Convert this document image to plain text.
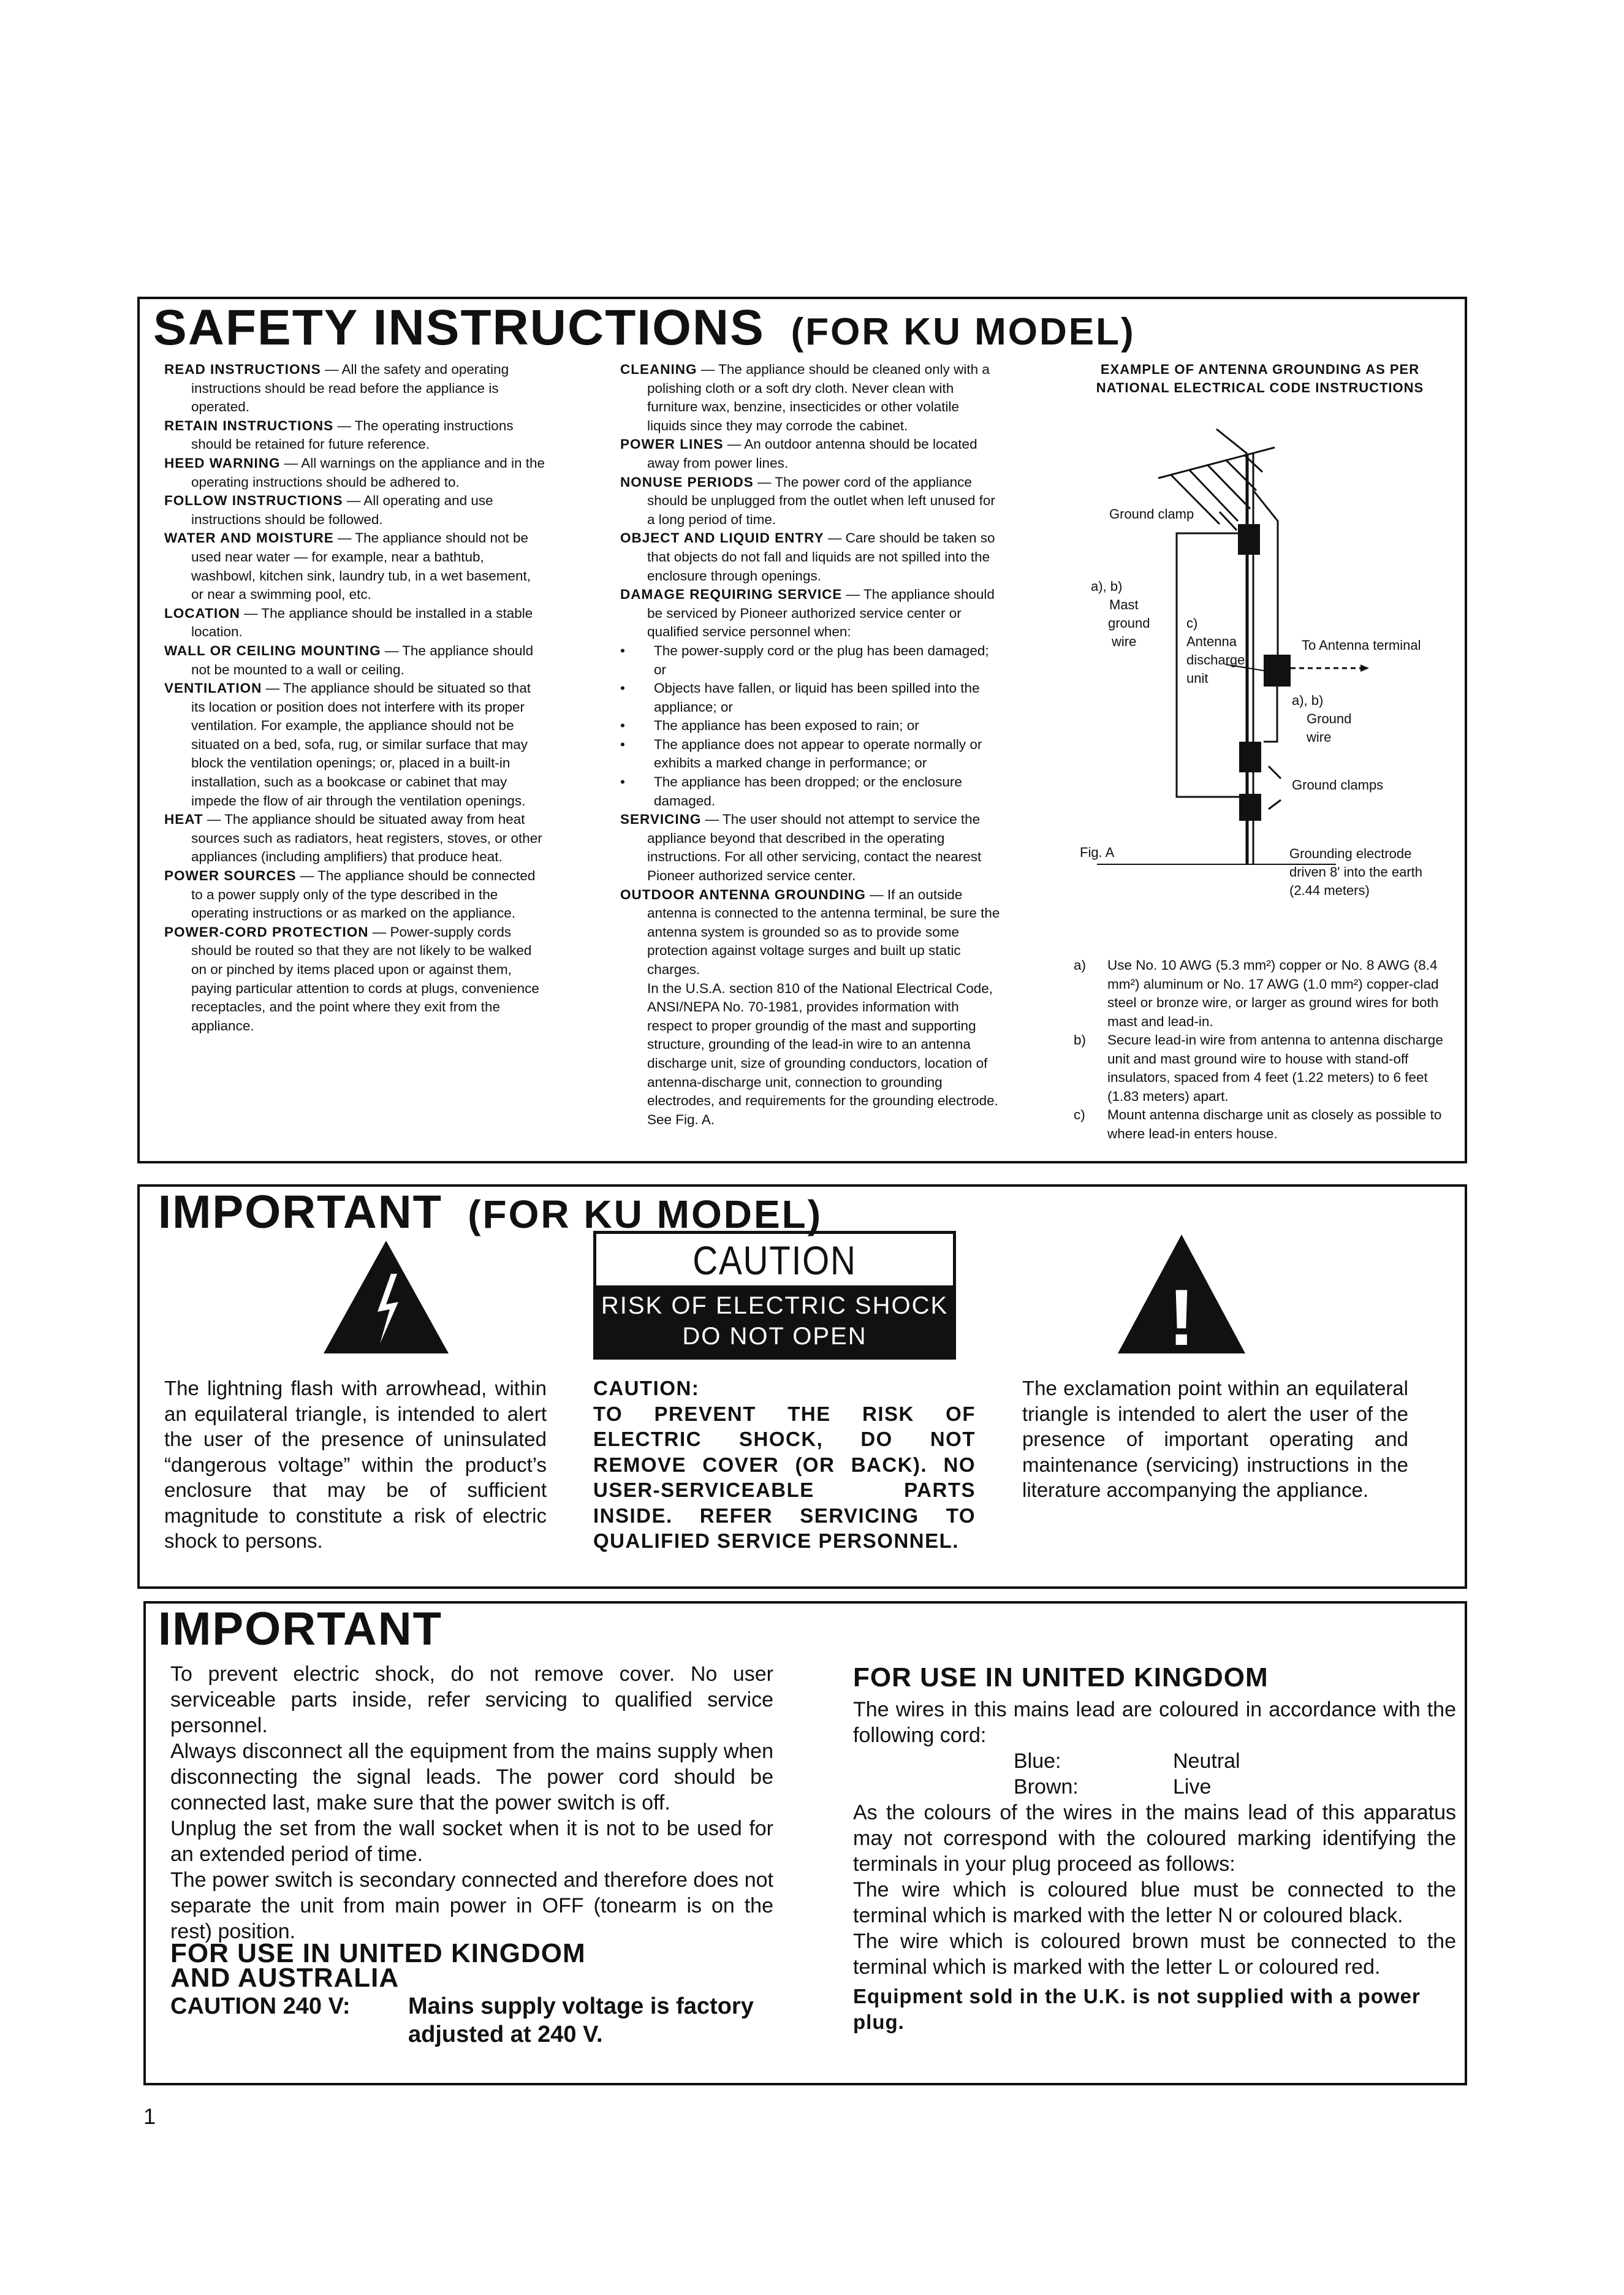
SAFETY INSTRUCTIONS (FOR KU MODEL)

READ INSTRUCTIONS — All the safety and operating instructions should be read before the appliance is operated.

RETAIN INSTRUCTIONS — The operating instructions should be retained for future reference.

HEED WARNING — All warnings on the appliance and in the operating instructions should be adhered to.

FOLLOW INSTRUCTIONS — All operating and use instructions should be followed.

WATER AND MOISTURE — The appliance should not be used near water — for example, near a bathtub, washbowl, kitchen sink, laundry tub, in a wet basement, or near a swimming pool, etc.

LOCATION — The appliance should be installed in a stable location.

WALL OR CEILING MOUNTING — The appliance should not be mounted to a wall or ceiling.

VENTILATION — The appliance should be situated so that its location or position does not interfere with its proper ventilation. For example, the appliance should not be situated on a bed, sofa, rug, or similar surface that may block the ventilation openings; or, placed in a built-in installation, such as a bookcase or cabinet that may impede the flow of air through the ventilation openings.

HEAT — The appliance should be situated away from heat sources such as radiators, heat registers, stoves, or other appliances (including amplifiers) that produce heat.

POWER SOURCES — The appliance should be connected to a power supply only of the type described in the operating instructions or as marked on the appliance.

POWER-CORD PROTECTION — Power-supply cords should be routed so that they are not likely to be walked on or pinched by items placed upon or against them, paying particular attention to cords at plugs, convenience receptacles, and the point where they exit from the appliance.

CLEANING — The appliance should be cleaned only with a polishing cloth or a soft dry cloth. Never clean with furniture wax, benzine, insecticides or other volatile liquids since they may corrode the cabinet.

POWER LINES — An outdoor antenna should be located away from power lines.

NONUSE PERIODS — The power cord of the appliance should be unplugged from the outlet when left unused for a long period of time.

OBJECT AND LIQUID ENTRY — Care should be taken so that objects do not fall and liquids are not spilled into the enclosure through openings.

DAMAGE REQUIRING SERVICE — The appliance should be serviced by Pioneer authorized service center or qualified service personnel when:

• The power-supply cord or the plug has been damaged; or
• Objects have fallen, or liquid has been spilled into the appliance; or
• The appliance has been exposed to rain; or
• The appliance does not appear to operate normally or exhibits a marked change in performance; or
• The appliance has been dropped; or the enclosure damaged.

SERVICING — The user should not attempt to service the appliance beyond that described in the operating instructions. For all other servicing, contact the nearest Pioneer authorized service center.

OUTDOOR ANTENNA GROUNDING — If an outside antenna is connected to the antenna terminal, be sure the antenna system is grounded so as to provide some protection against voltage surges and built up static charges.

In the U.S.A. section 810 of the National Electrical Code, ANSI/NEPA No. 70-1981, provides information with respect to proper groundig of the mast and supporting structure, grounding of the lead-in wire to an antenna discharge unit, size of grounding conductors, location of antenna-discharge unit, connection to grounding electrodes, and requirements for the grounding electrode. See Fig. A.

EXAMPLE OF ANTENNA GROUNDING AS PER NATIONAL ELECTRICAL CODE INSTRUCTIONS
Ground clamp
a), b)
Mast
ground
wire
c)
Antenna
discharge
unit
To Antenna terminal
a), b)
Ground
wire
Ground clamps
Fig. A	Grounding electrode
driven 8' into the earth
(2.44 meters)
a) Use No. 10 AWG (5.3 mm²) copper or No. 8 AWG (8.4 mm²) aluminum or No. 17 AWG (1.0 mm²) copper-clad steel or bronze wire, or larger as ground wires for both mast and lead-in.
b) Secure lead-in wire from antenna to antenna discharge unit and mast ground wire to house with stand-off insulators, spaced from 4 feet (1.22 meters) to 6 feet (1.83 meters) apart.
c) Mount antenna discharge unit as closely as possible to where lead-in enters house.
IMPORTANT (FOR KU MODEL)
CAUTION
RISK OF ELECTRIC SHOCK
DO NOT OPEN	!

The lightning flash with arrowhead, within an equilateral triangle, is intended to alert the user of the presence of uninsulated “dangerous voltage” within the product’s enclosure that may be of sufficient magnitude to constitute a risk of electric shock to persons.

CAUTION:

TO PREVENT THE RISK OF ELECTRIC SHOCK, DO NOT REMOVE COVER (OR BACK). NO USER-SERVICEABLE PARTS INSIDE. REFER SERVICING TO QUALIFIED SERVICE PERSONNEL.

The exclamation point within an equilateral triangle is intended to alert the user of the presence of important operating and maintenance (servicing) instructions in the literature accompanying the appliance.

IMPORTANT

To prevent electric shock, do not remove cover. No user serviceable parts inside, refer servicing to qualified service personnel.

Always disconnect all the equipment from the mains supply when disconnecting the signal leads. The power cord should be connected last, make sure that the power switch is off.

Unplug the set from the wall socket when it is not to be used for an extended period of time.

The power switch is secondary connected and therefore does not separate the unit from main power in OFF (tonearm is on the rest) position.

FOR USE IN UNITED KINGDOM
AND AUSTRALIA
CAUTION 240 V: Mains supply voltage is factory
adjusted at 240 V.
FOR USE IN UNITED KINGDOM

The wires in this mains lead are coloured in accordance with the following cord:

Blue:	Neutral
Brown:	Live

As the colours of the wires in the mains lead of this apparatus may not correspond with the coloured marking identifying the terminals in your plug proceed as follows:

The wire which is coloured blue must be connected to the terminal which is marked with the letter N or coloured black.

The wire which is coloured brown must be connected to the terminal which is marked with the letter L or coloured red.

Equipment sold in the U.K. is not supplied with a power plug.

1
